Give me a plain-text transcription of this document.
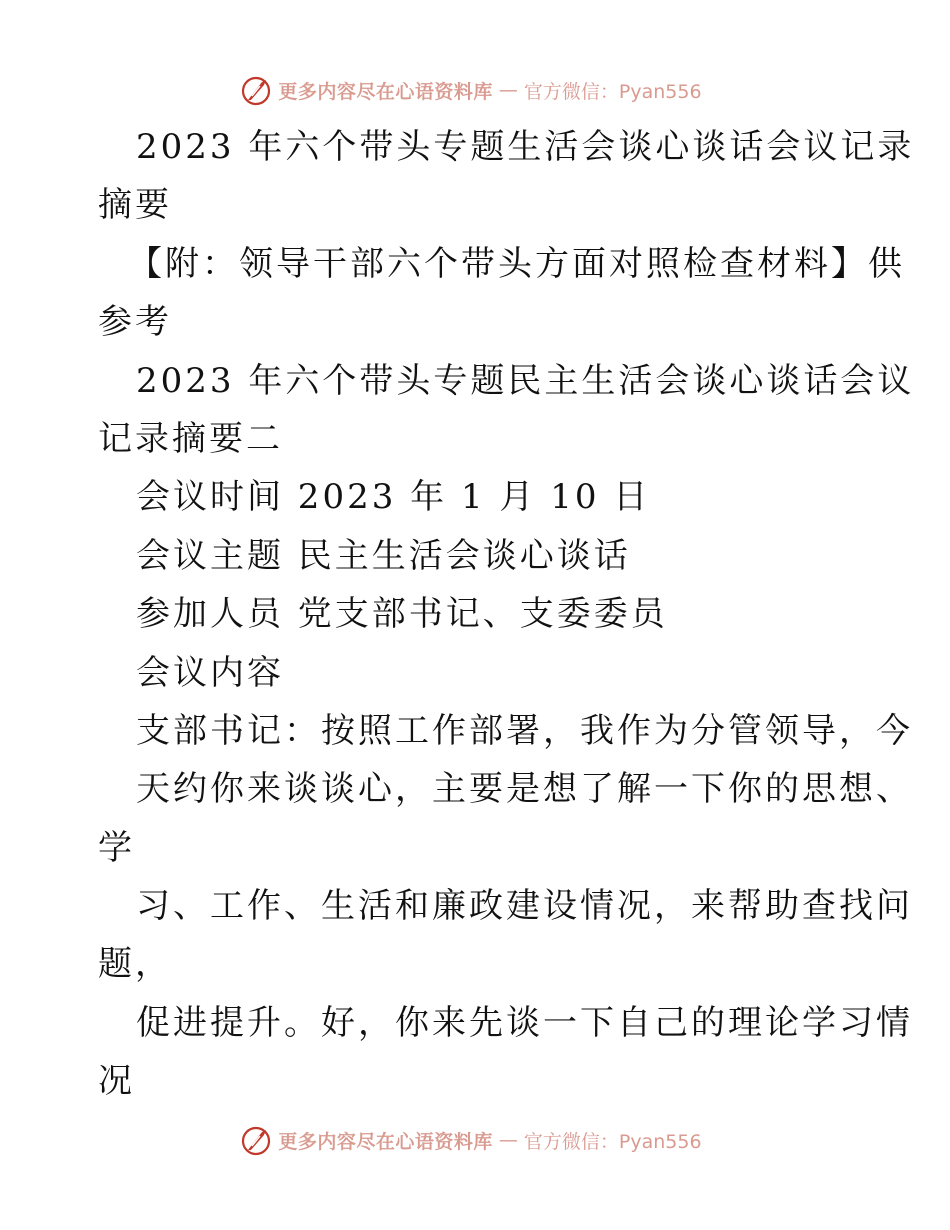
更多内容尽在心语资料库 — 官方微信：Pyan556
2023 年六个带头专题生活会谈心谈话会议记录
摘要
【附：领导干部六个带头方面对照检查材料】供
参考
2023 年六个带头专题民主生活会谈心谈话会议
记录摘要二
会议时间 2023 年 1 月 10 日
会议主题 民主生活会谈心谈话
参加人员 党支部书记、支委委员
会议内容
支部书记：按照工作部署，我作为分管领导，今
天约你来谈谈心，主要是想了解一下你的思想、
学
习、工作、生活和廉政建设情况，来帮助查找问
题，
促进提升。好，你来先谈一下自己的理论学习情
况
更多内容尽在心语资料库 — 官方微信：Pyan556
